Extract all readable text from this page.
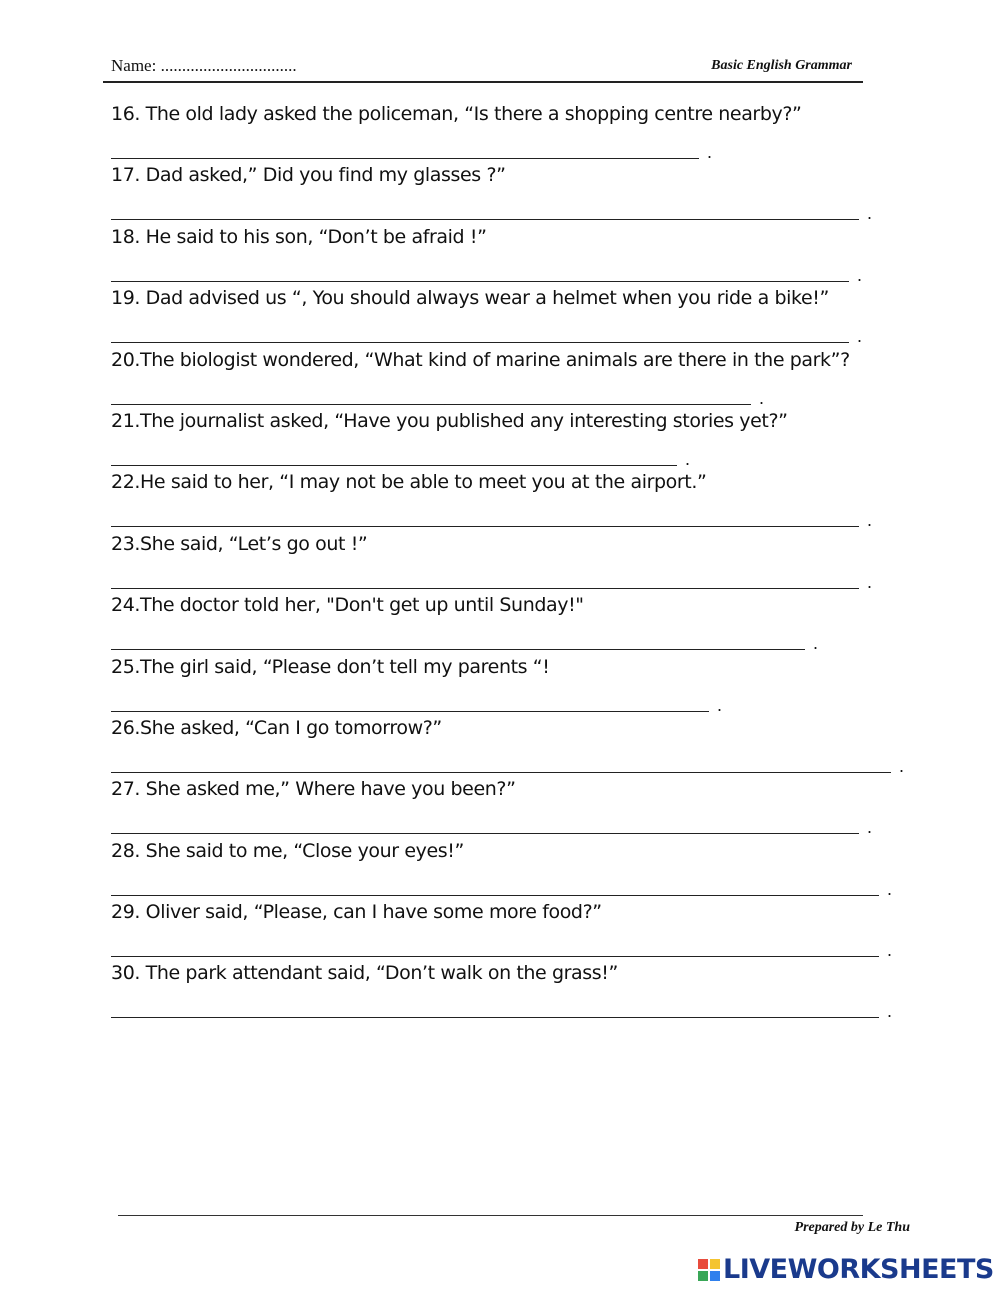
Name: ................................	Basic English Grammar
16. The old lady asked the policeman, “Is there a shopping centre nearby?”
.
17. Dad asked,” Did you find my glasses ?”
.
18. He said to his son, “Don’t be afraid !”
.
19. Dad advised us “, You should always wear a helmet when you ride a bike!”
.
20.The biologist wondered, “What kind of marine animals are there in the park”?
.
21.The journalist asked, “Have you published any interesting stories yet?”
.
22.He said to her, “I may not be able to meet you at the airport.”
.
23.She said, “Let’s go out !”
.
24.The doctor told her, "Don't get up until Sunday!"
.
25.The girl said, “Please don’t tell my parents “!
.
26.She asked, “Can I go tomorrow?”
.
27. She asked me,” Where have you been?”
.
28. She said to me, “Close your eyes!”
.
29. Oliver said, “Please, can I have some more food?”
.
30. The park attendant said, “Don’t walk on the grass!”
.
Prepared by Le Thu
LIVEWORKSHEETS
